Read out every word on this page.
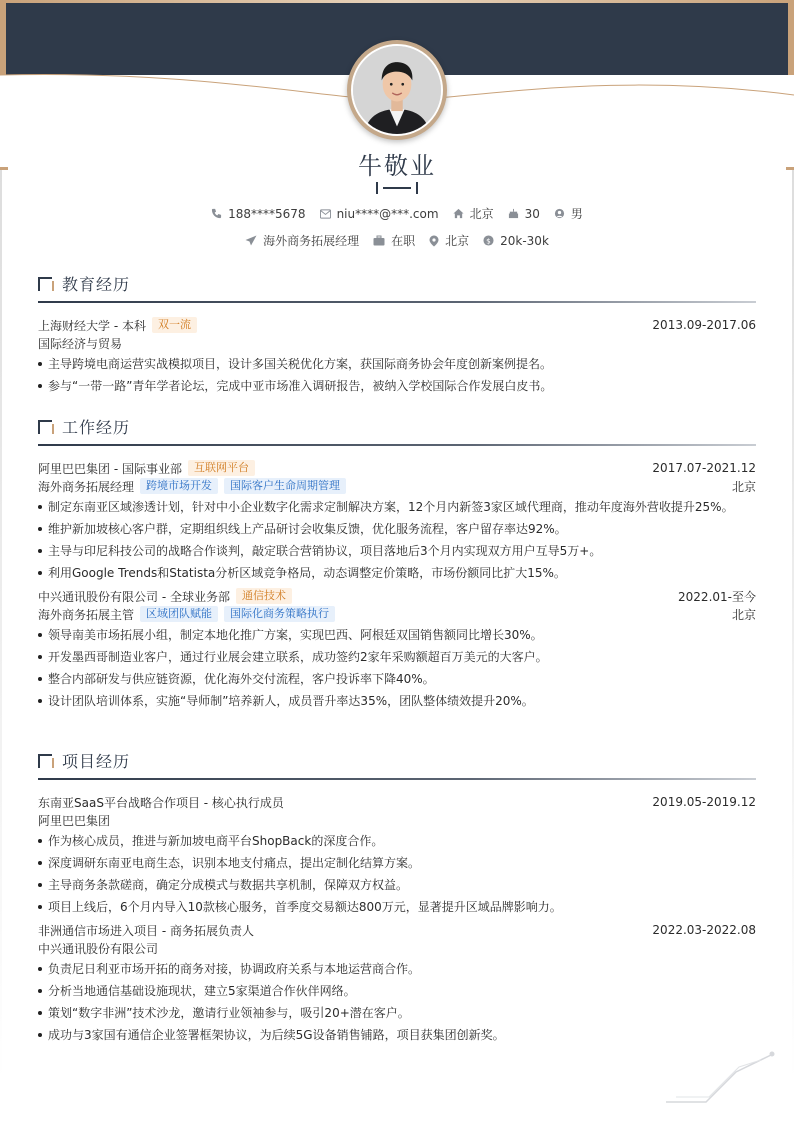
牛敬业
188****5678	niu****@***.com	北京	30	男
海外商务拓展经理	在职	北京 $ 20k-30k
教育经历
上海财经大学 - 本科	双一流	2013.09-2017.06
国际经济与贸易
主导跨境电商运营实战模拟项目，设计多国关税优化方案，获国际商务协会年度创新案例提名。
参与“一带一路”青年学者论坛，完成中亚市场准入调研报告，被纳入学校国际合作发展白皮书。
工作经历
阿里巴巴集团 - 国际事业部	互联网平台	2017.07-2021.12
海外商务拓展经理	跨境市场开发	国际客户生命周期管理	北京
制定东南亚区域渗透计划，针对中小企业数字化需求定制解决方案，12个月内新签3家区域代理商，推动年度海外营收提升25%。
维护新加坡核心客户群，定期组织线上产品研讨会收集反馈，优化服务流程，客户留存率达92%。
主导与印尼科技公司的战略合作谈判，敲定联合营销协议，项目落地后3个月内实现双方用户互导5万+。
利用Google Trends和Statista分析区域竞争格局，动态调整定价策略，市场份额同比扩大15%。
中兴通讯股份有限公司 - 全球业务部	通信技术	2022.01-至今
海外商务拓展主管	区域团队赋能	国际化商务策略执行	北京
领导南美市场拓展小组，制定本地化推广方案，实现巴西、阿根廷双国销售额同比增长30%。
开发墨西哥制造业客户，通过行业展会建立联系，成功签约2家年采购额超百万美元的大客户。
整合内部研发与供应链资源，优化海外交付流程，客户投诉率下降40%。
设计团队培训体系，实施“导师制”培养新人，成员晋升率达35%，团队整体绩效提升20%。
项目经历
东南亚SaaS平台战略合作项目 - 核心执行成员	2019.05-2019.12
阿里巴巴集团
作为核心成员，推进与新加坡电商平台ShopBack的深度合作。
深度调研东南亚电商生态，识别本地支付痛点，提出定制化结算方案。
主导商务条款磋商，确定分成模式与数据共享机制，保障双方权益。
项目上线后，6个月内导入10款核心服务，首季度交易额达800万元，显著提升区域品牌影响力。
非洲通信市场进入项目 - 商务拓展负责人	2022.03-2022.08
中兴通讯股份有限公司
负责尼日利亚市场开拓的商务对接，协调政府关系与本地运营商合作。
分析当地通信基础设施现状，建立5家渠道合作伙伴网络。
策划“数字非洲”技术沙龙，邀请行业领袖参与，吸引20+潜在客户。
成功与3家国有通信企业签署框架协议，为后续5G设备销售铺路，项目获集团创新奖。
